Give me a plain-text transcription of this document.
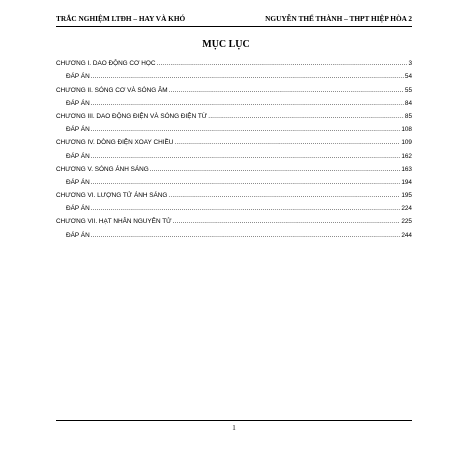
TRẮC NGHIỆM LTĐH – HAY VÀ KHÓ	NGUYỄN THẾ THÀNH – THPT HIỆP HÒA 2
MỤC LỤC
CHƯƠNG I. DAO ĐỘNG CƠ HỌC .....	3
ĐÁP ÁN .....	54
CHƯƠNG II. SÓNG CƠ VÀ SÓNG ÂM .....	55
ĐÁP ÁN .....	84
CHƯƠNG III. DAO ĐỘNG ĐIỆN VÀ SÓNG ĐIỆN TỪ .....	85
ĐÁP ÁN .....	108
CHƯƠNG IV. DÒNG ĐIỆN XOAY CHIỀU .....	109
ĐÁP ÁN .....	162
CHƯƠNG V. SÓNG ÁNH SÁNG .....	163
ĐÁP ÁN .....	194
CHƯƠNG VI. LƯỢNG TỬ ÁNH SÁNG .....	195
ĐÁP ÁN .....	224
CHƯƠNG VII. HẠT NHÂN NGUYÊN TỬ .....	225
ĐÁP ÁN .....	244
1
